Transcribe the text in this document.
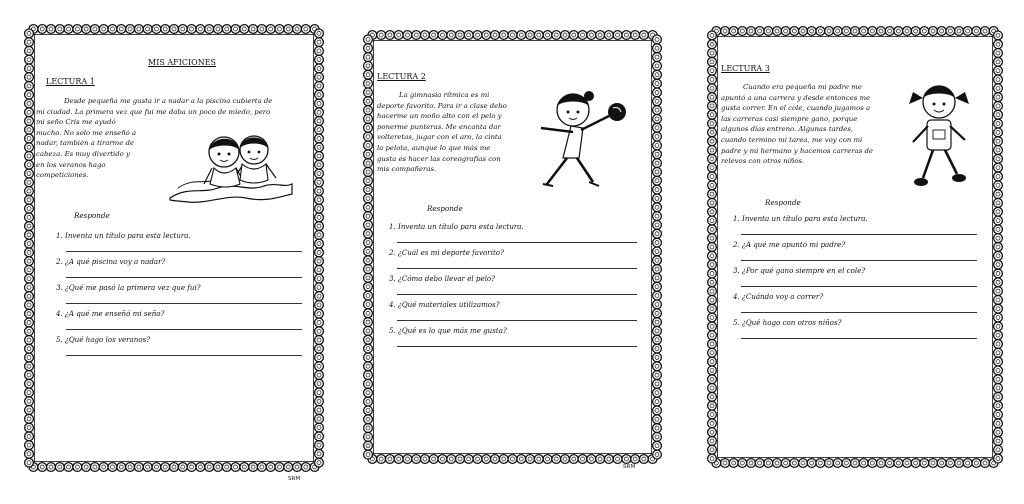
MIS AFICIONES
LECTURA 1
Desde pequeña me gusta ir a nadar a la piscina cubierta de
mi ciudad. La primera vez que fui me daba un poco de miedo, pero
mi seño Cris me ayudó
mucho. No solo me enseñó a
nadar, también a tirarme de
cabeza. Es muy divertido y
en los veranos hago
competiciones.
Responde
1. Inventa un título para esta lectura.
2. ¿A qué piscina voy a nadar?
3. ¿Qué me pasó la primera vez que fui?
4. ¿A qué me enseñó mi seño?
5. ¿Qué hago los veranos?
SRM
LECTURA 2
La gimnasia rítmica es mi
deporte favorito. Para ir a clase debo
hacerme un moño alto con el pelo y
ponerme punteras. Me encanta dar
volteretas, jugar con el aro, la cinta
la pelota, aunque lo que más me
gusta es hacer las coreografías con
mis compañeras.
Responde
1. Inventa un título para esta lectura.
2. ¿Cuál es mi deporte favorito?
3. ¿Cómo debo llevar el pelo?
4. ¿Qué materiales utilizamos?
5. ¿Qué es lo que más me gusta?
SRM
LECTURA 3
Cuando era pequeña mi padre me
apuntó a una carrera y desde entonces me
gusta correr. En el cole, cuando jugamos a
las carreras casi siempre gano, porque
algunos días entreno. Algunas tardes,
cuando termino mi tarea, me voy con mi
padre y mi hermano y hacemos carreras de
relevos con otros niños.
Responde
1. Inventa un título para esta lectura.
2. ¿A qué me apuntó mi padre?
3. ¿Por qué gano siempre en el cole?
4. ¿Cuándo voy a correr?
5. ¿Qué hago con otros niños?
